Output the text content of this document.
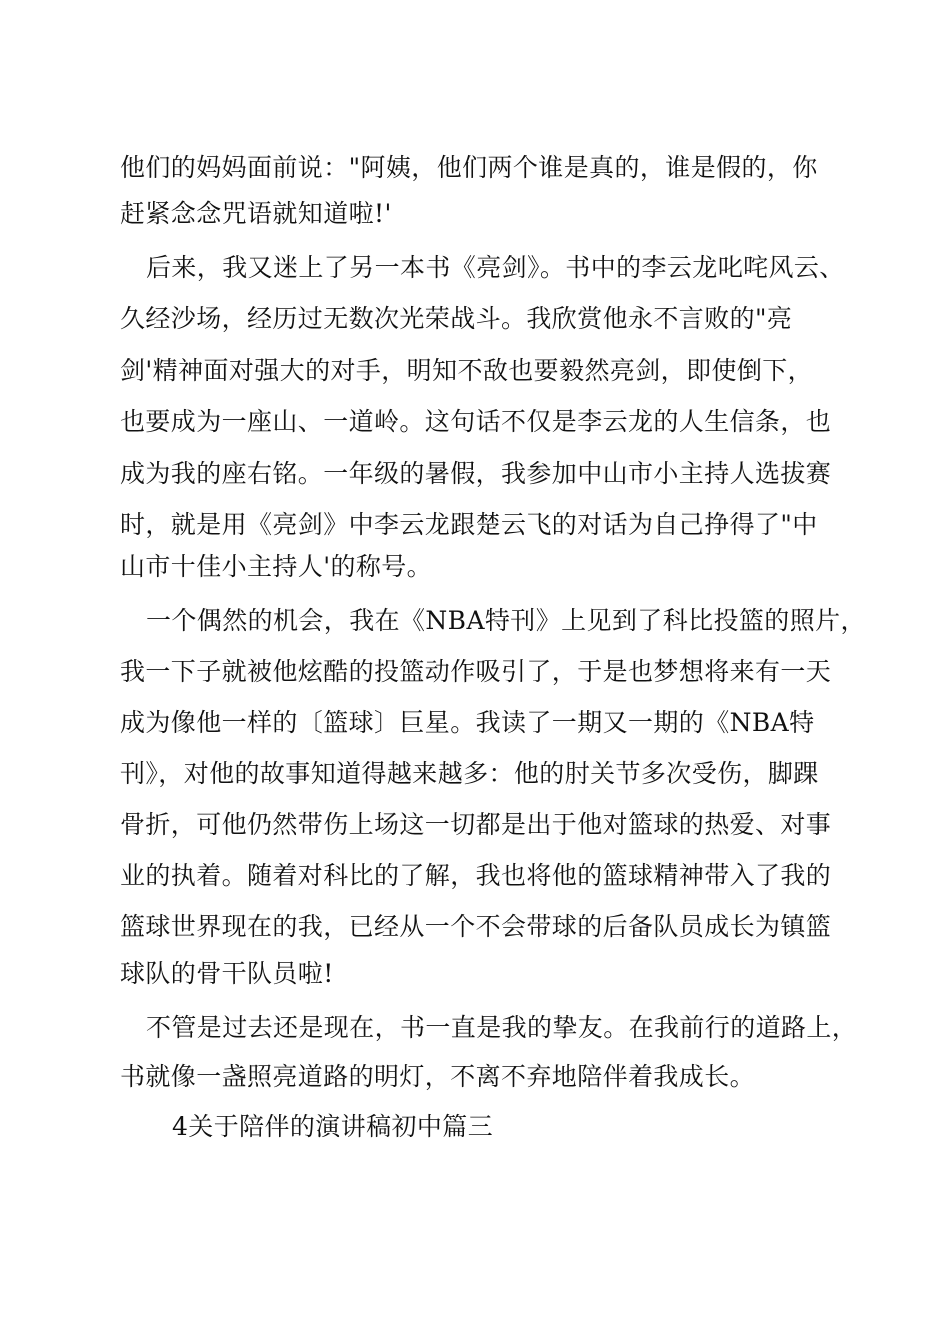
他们的妈妈面前说："阿姨，他们两个谁是真的，谁是假的，你
赶紧念念咒语就知道啦!'
后来，我又迷上了另一本书《亮剑》。书中的李云龙叱咤风云、
久经沙场，经历过无数次光荣战斗。我欣赏他永不言败的"亮
剑'精神面对强大的对手，明知不敌也要毅然亮剑，即使倒下，
也要成为一座山、一道岭。这句话不仅是李云龙的人生信条，也
成为我的座右铭。一年级的暑假，我参加中山市小主持人选拔赛
时，就是用《亮剑》中李云龙跟楚云飞的对话为自己挣得了"中
山市十佳小主持人'的称号。
一个偶然的机会，我在《NBA特刊》上见到了科比投篮的照片，
我一下子就被他炫酷的投篮动作吸引了，于是也梦想将来有一天
成为像他一样的〔篮球〕巨星。我读了一期又一期的《NBA特
刊》，对他的故事知道得越来越多：他的肘关节多次受伤，脚踝
骨折，可他仍然带伤上场这一切都是出于他对篮球的热爱、对事
业的执着。随着对科比的了解，我也将他的篮球精神带入了我的
篮球世界现在的我，已经从一个不会带球的后备队员成长为镇篮
球队的骨干队员啦!
不管是过去还是现在，书一直是我的挚友。在我前行的道路上，
书就像一盏照亮道路的明灯，不离不弃地陪伴着我成长。
4关于陪伴的演讲稿初中篇三
